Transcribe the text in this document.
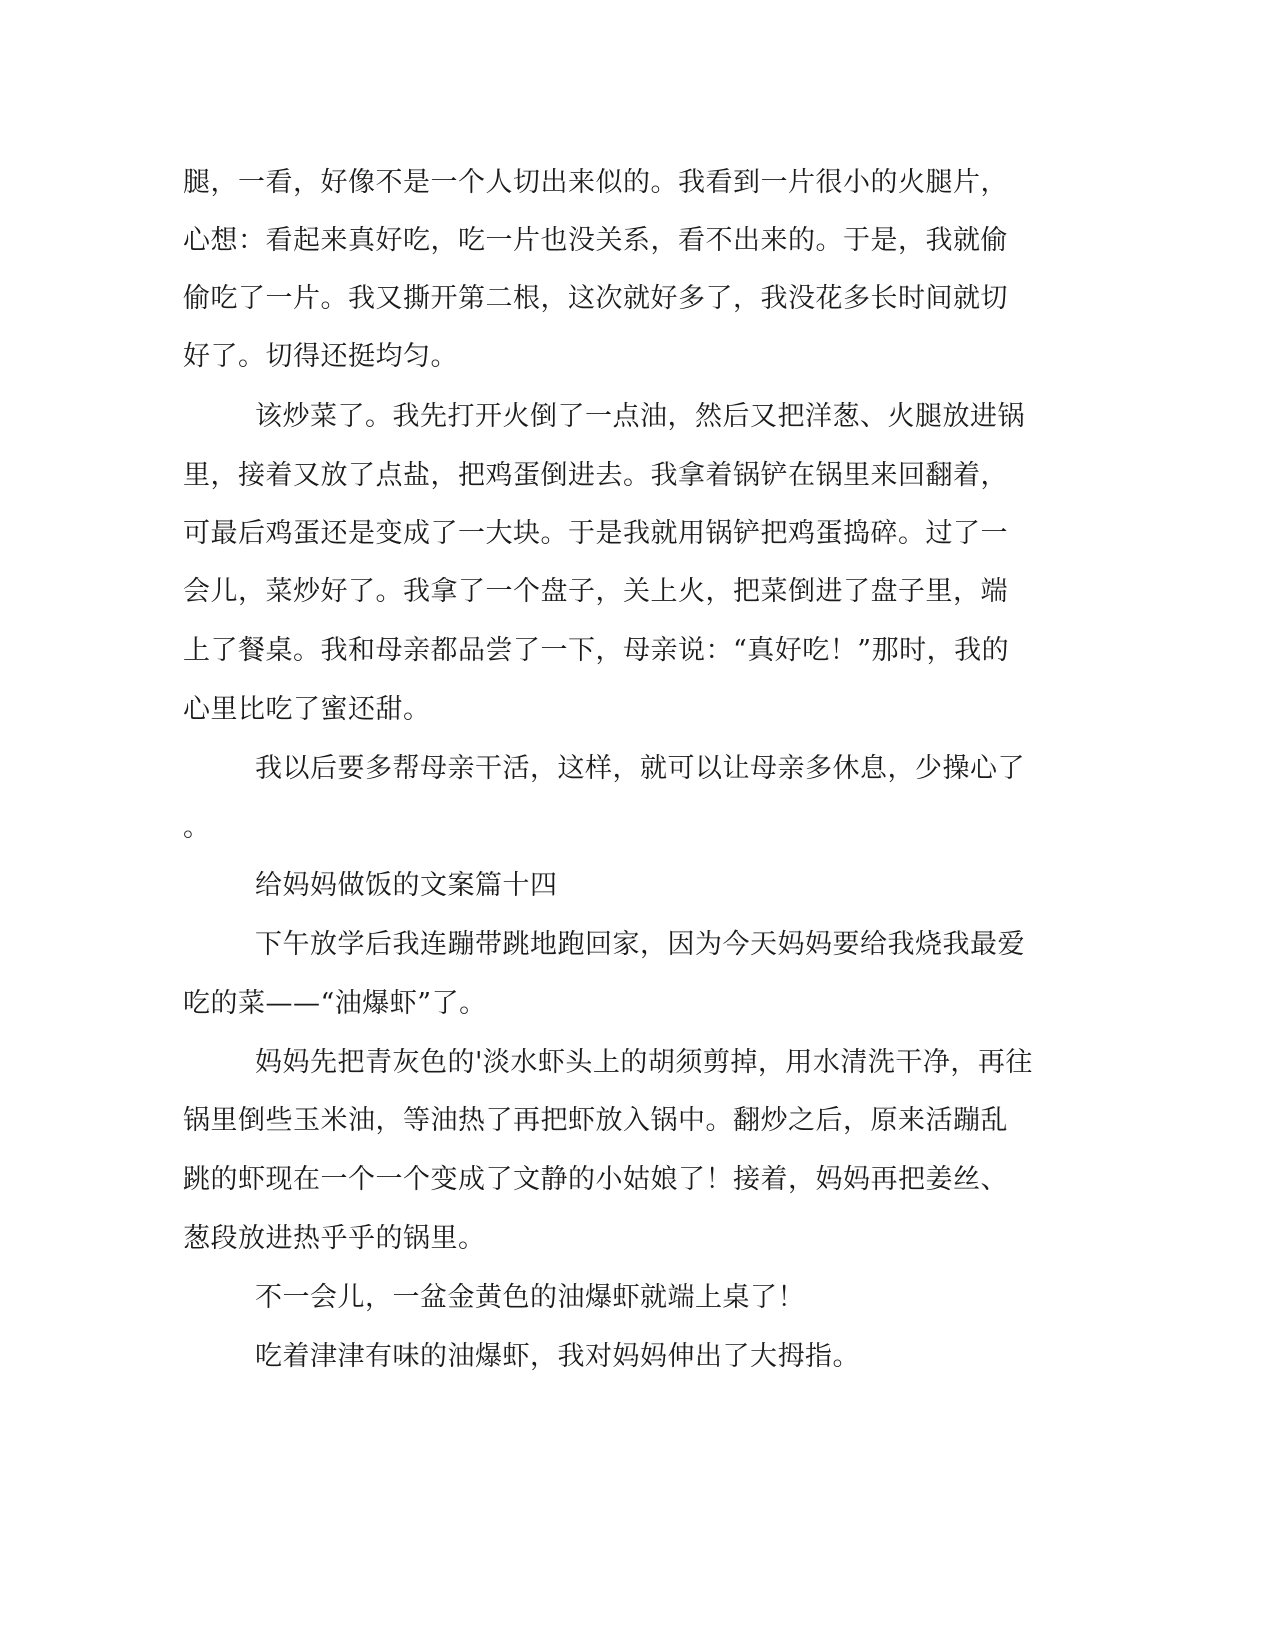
腿，一看，好像不是一个人切出来似的。我看到一片很小的火腿片，
心想：看起来真好吃，吃一片也没关系，看不出来的。于是，我就偷
偷吃了一片。我又撕开第二根，这次就好多了，我没花多长时间就切
好了。切得还挺均匀。
该炒菜了。我先打开火倒了一点油，然后又把洋葱、火腿放进锅
里，接着又放了点盐，把鸡蛋倒进去。我拿着锅铲在锅里来回翻着，
可最后鸡蛋还是变成了一大块。于是我就用锅铲把鸡蛋捣碎。过了一
会儿，菜炒好了。我拿了一个盘子，关上火，把菜倒进了盘子里，端
上了餐桌。我和母亲都品尝了一下，母亲说：“真好吃！”那时，我的
心里比吃了蜜还甜。
我以后要多帮母亲干活，这样，就可以让母亲多休息，少操心了
。
给妈妈做饭的文案篇十四
下午放学后我连蹦带跳地跑回家，因为今天妈妈要给我烧我最爱
吃的菜——“油爆虾”了。
妈妈先把青灰色的'淡水虾头上的胡须剪掉，用水清洗干净，再往
锅里倒些玉米油，等油热了再把虾放入锅中。翻炒之后，原来活蹦乱
跳的虾现在一个一个变成了文静的小姑娘了！接着，妈妈再把姜丝、
葱段放进热乎乎的锅里。
不一会儿，一盆金黄色的油爆虾就端上桌了！
吃着津津有味的油爆虾，我对妈妈伸出了大拇指。
